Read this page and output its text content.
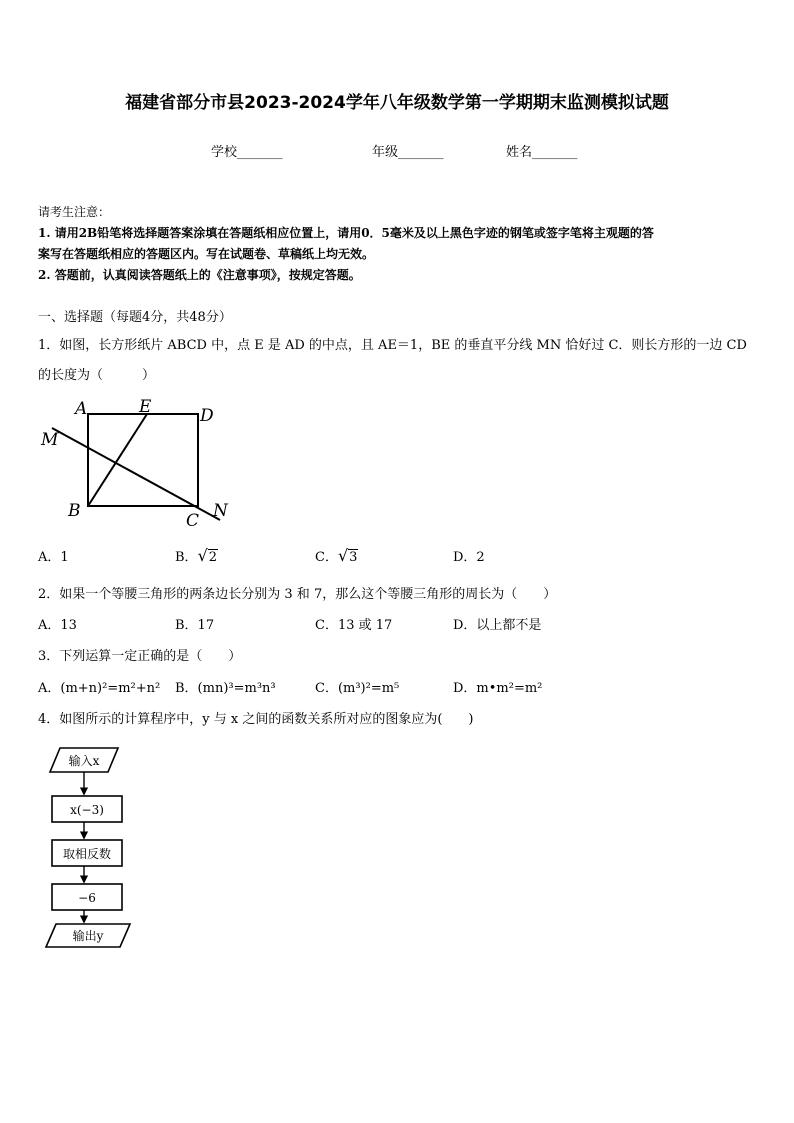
福建省部分市县2023-2024学年八年级数学第一学期期末监测模拟试题
学校_______	年级_______	姓名_______
请考生注意：
1. 请用2B铅笔将选择题答案涂填在答题纸相应位置上，请用0．5毫米及以上黑色字迹的钢笔或签字笔将主观题的答
案写在答题纸相应的答题区内。写在试题卷、草稿纸上均无效。
2. 答题前，认真阅读答题纸上的《注意事项》，按规定答题。
一、选择题（每题4分，共48分）
1．如图，长方形纸片 ABCD 中，点 E 是 AD 的中点，且 AE＝1，BE 的垂直平分线 MN 恰好过 C．则长方形的一边 CD
的长度为（　　　）
A	E	D
M
B	C N
A．1	B．√2	C．√3	D．2
2．如果一个等腰三角形的两条边长分别为 3 和 7，那么这个等腰三角形的周长为（　　）
A．13	B．17	C．13 或 17	D．以上都不是
3．下列运算一定正确的是（　　）
A．(m+n)²=m²+n² B．(mn)³=m³n³	C．(m³)²=m⁵	D．m•m²=m²
4．如图所示的计算程序中，y 与 x 之间的函数关系所对应的图象应为(　　)
输入x
x(−3)
取相反数
−6
输出y
